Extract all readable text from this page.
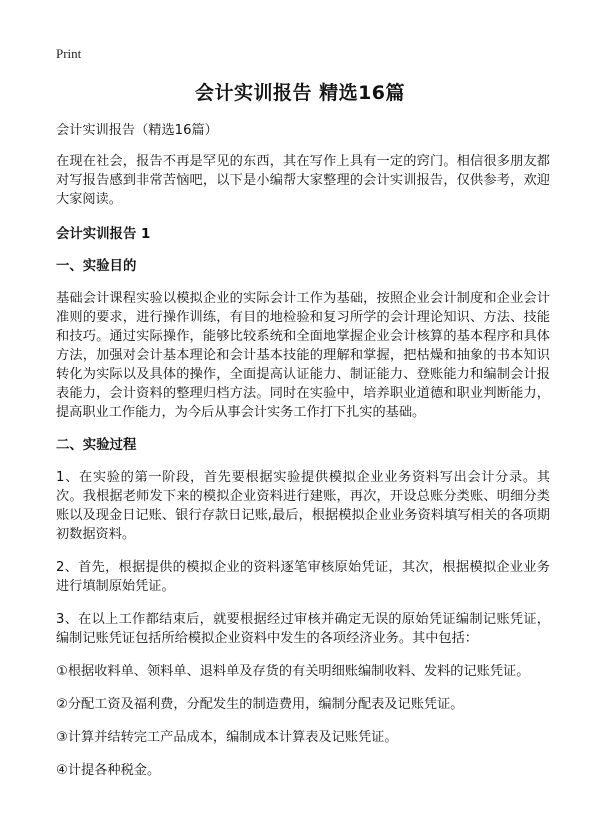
Print
会计实训报告 精选16篇

会计实训报告（精选16篇）

在现在社会，报告不再是罕见的东西，其在写作上具有一定的窍门。相信很多朋友都对写报告感到非常苦恼吧，以下是小编帮大家整理的会计实训报告，仅供参考，欢迎大家阅读。

会计实训报告 1

一、实验目的

基础会计课程实验以模拟企业的实际会计工作为基础，按照企业会计制度和企业会计准则的要求，进行操作训练，有目的地检验和复习所学的会计理论知识、方法、技能和技巧。通过实际操作，能够比较系统和全面地掌握企业会计核算的基本程序和具体方法，加强对会计基本理论和会计基本技能的理解和掌握，把枯燥和抽象的书本知识转化为实际以及具体的操作，全面提高认证能力、制证能力、登账能力和编制会计报表能力，会计资料的整理归档方法。同时在实验中，培养职业道德和职业判断能力，提高职业工作能力，为今后从事会计实务工作打下扎实的基础。

二、实验过程

1、在实验的第一阶段，首先要根据实验提供模拟企业业务资料写出会计分录。其次。我根据老师发下来的模拟企业资料进行建账，再次，开设总账分类账、明细分类账以及现金日记账、银行存款日记账,最后，根据模拟企业业务资料填写相关的各项期初数据资料。

2、首先，根据提供的模拟企业的资料逐笔审核原始凭证，其次，根据模拟企业业务进行填制原始凭证。

3、在以上工作都结束后，就要根据经过审核并确定无误的原始凭证编制记账凭证，编制记账凭证包括所给模拟企业资料中发生的各项经济业务。其中包括：

①根据收料单、领料单、退料单及存货的有关明细账编制收料、发料的记账凭证。

②分配工资及福利费，分配发生的制造费用，编制分配表及记账凭证。

③计算并结转完工产品成本，编制成本计算表及记账凭证。

④计提各种税金。
